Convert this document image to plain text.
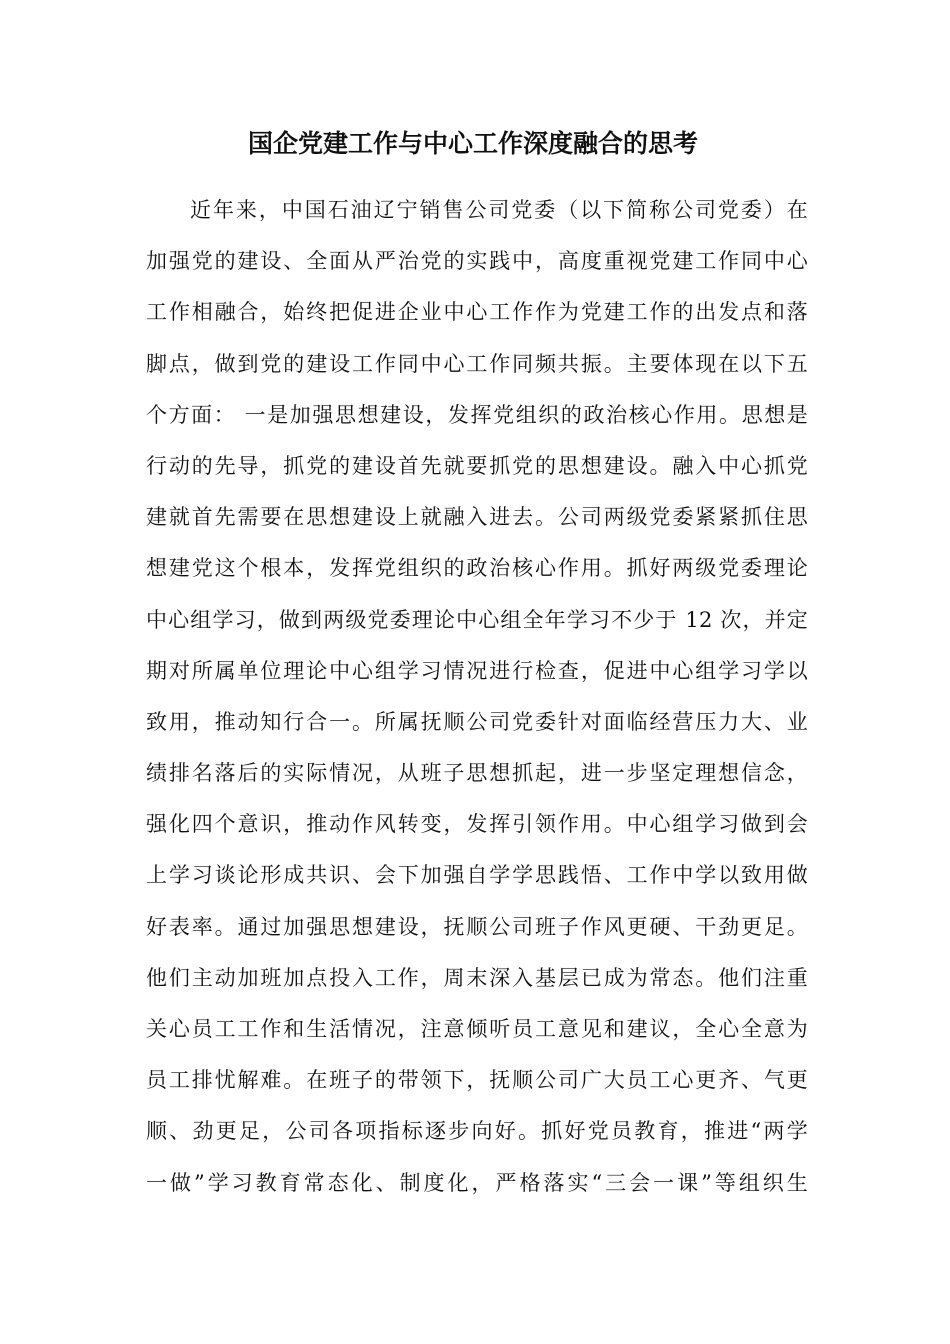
国企党建工作与中心工作深度融合的思考
近年来，中国石油辽宁销售公司党委（以下简称公司党委）在
加强党的建设、全面从严治党的实践中，高度重视党建工作同中心
工作相融合，始终把促进企业中心工作作为党建工作的出发点和落
脚点，做到党的建设工作同中心工作同频共振。主要体现在以下五
个方面： 一是加强思想建设，发挥党组织的政治核心作用。思想是
行动的先导，抓党的建设首先就要抓党的思想建设。融入中心抓党
建就首先需要在思想建设上就融入进去。公司两级党委紧紧抓住思
想建党这个根本，发挥党组织的政治核心作用。抓好两级党委理论
中心组学习，做到两级党委理论中心组全年学习不少于 12 次，并定
期对所属单位理论中心组学习情况进行检查，促进中心组学习学以
致用，推动知行合一。所属抚顺公司党委针对面临经营压力大、业
绩排名落后的实际情况，从班子思想抓起，进一步坚定理想信念，
强化四个意识，推动作风转变，发挥引领作用。中心组学习做到会
上学习谈论形成共识、会下加强自学学思践悟、工作中学以致用做
好表率。通过加强思想建设，抚顺公司班子作风更硬、干劲更足。
他们主动加班加点投入工作，周末深入基层已成为常态。他们注重
关心员工工作和生活情况，注意倾听员工意见和建议，全心全意为
员工排忧解难。在班子的带领下，抚顺公司广大员工心更齐、气更
顺、劲更足，公司各项指标逐步向好。抓好党员教育，推进“两学
一做”学习教育常态化、制度化，严格落实“三会一课”等组织生
